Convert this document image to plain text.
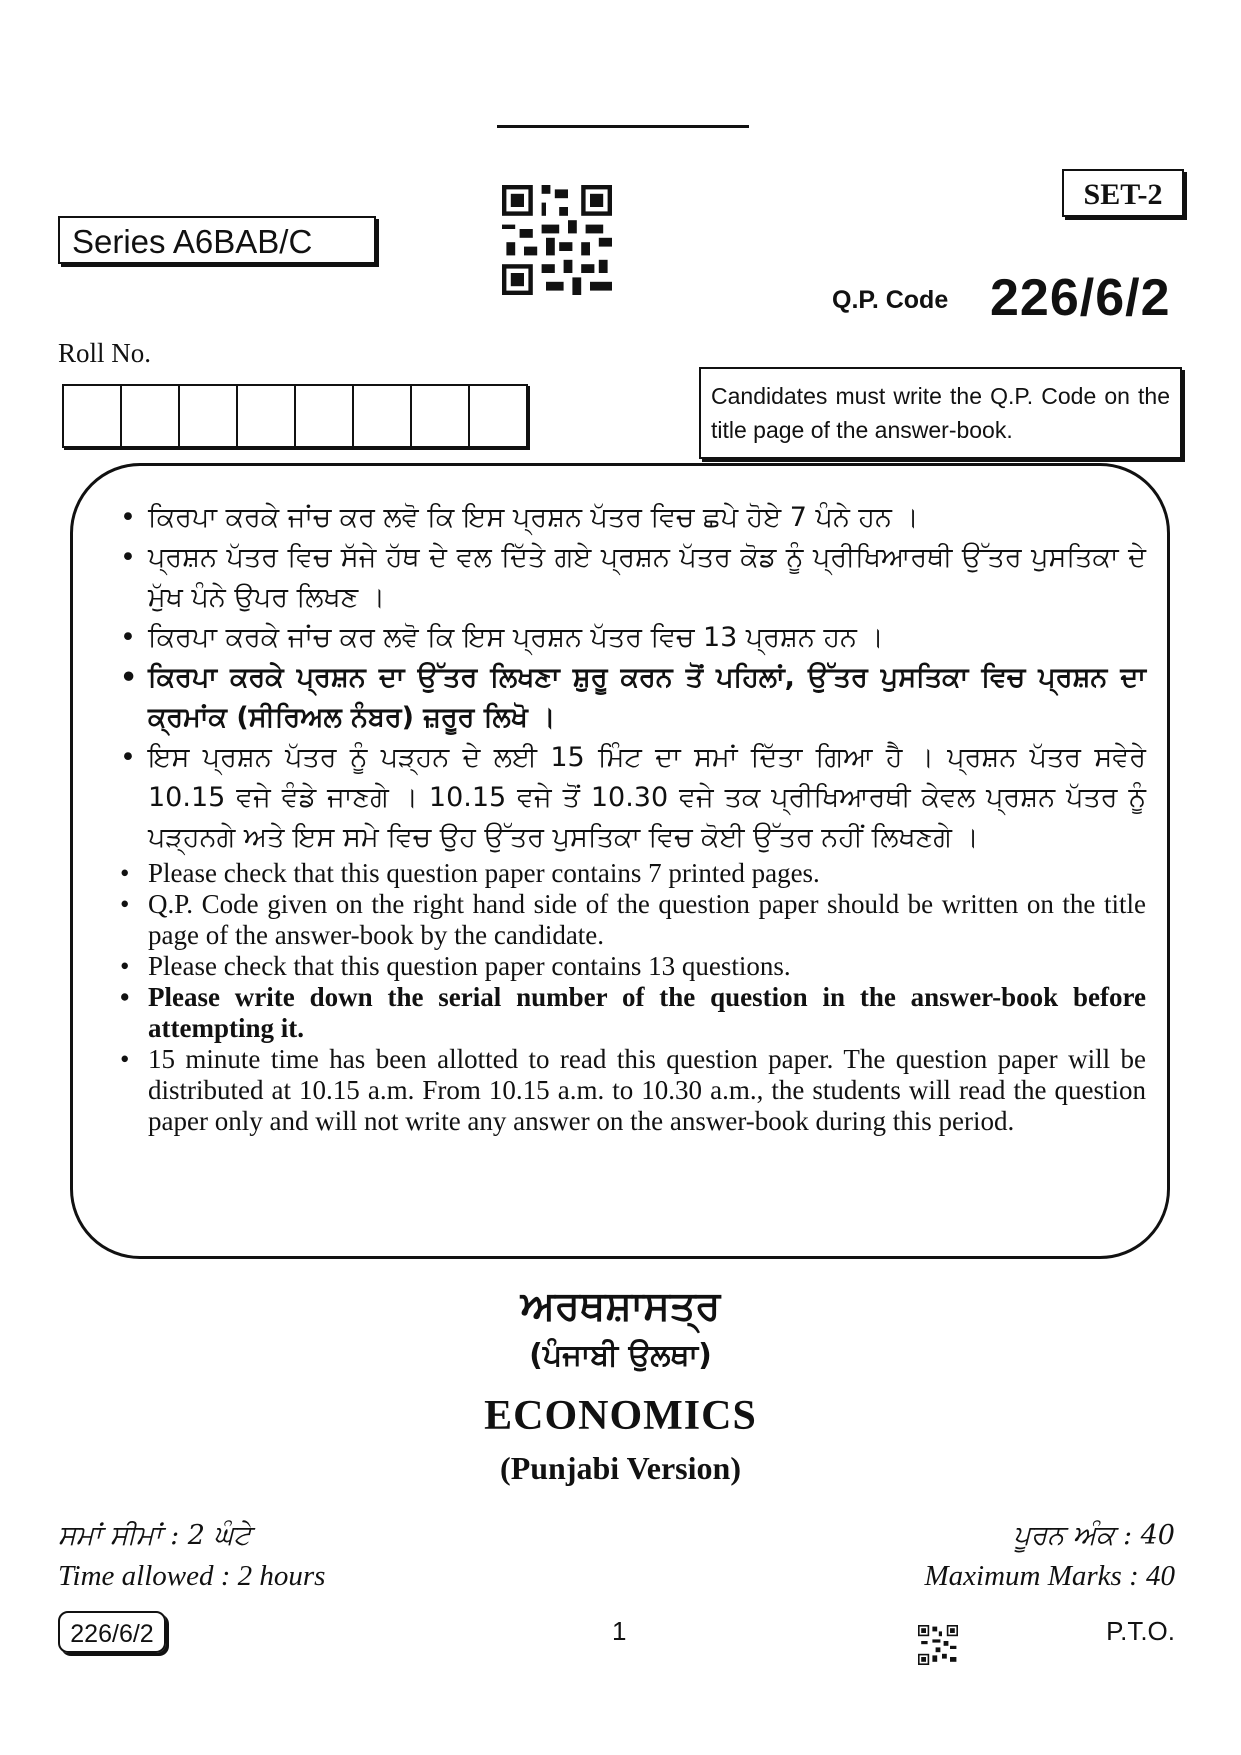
Series A6BAB/C
SET-2
Q.P. Code 226/6/2
Roll No.
Candidates must write the Q.P. Code on the title page of the answer-book.
• ਕਿਰਪਾ ਕਰਕੇ ਜਾਂਚ ਕਰ ਲਵੋ ਕਿ ਇਸ ਪ੍ਰਸ਼ਨ ਪੱਤਰ ਵਿਚ ਛਪੇ ਹੋਏ 7 ਪੰਨੇ ਹਨ ।
• ਪ੍ਰਸ਼ਨ ਪੱਤਰ ਵਿਚ ਸੱਜੇ ਹੱਥ ਦੇ ਵਲ ਦਿੱਤੇ ਗਏ ਪ੍ਰਸ਼ਨ ਪੱਤਰ ਕੋਡ ਨੂੰ ਪ੍ਰੀਖਿਆਰਥੀ ਉੱਤਰ ਪੁਸਤਿਕਾ ਦੇ ਮੁੱਖ ਪੰਨੇ ਉਪਰ ਲਿਖਣ ।
• ਕਿਰਪਾ ਕਰਕੇ ਜਾਂਚ ਕਰ ਲਵੋ ਕਿ ਇਸ ਪ੍ਰਸ਼ਨ ਪੱਤਰ ਵਿਚ 13 ਪ੍ਰਸ਼ਨ ਹਨ ।
• ਕਿਰਪਾ ਕਰਕੇ ਪ੍ਰਸ਼ਨ ਦਾ ਉੱਤਰ ਲਿਖਣਾ ਸ਼ੁਰੂ ਕਰਨ ਤੋਂ ਪਹਿਲਾਂ, ਉੱਤਰ ਪੁਸਤਿਕਾ ਵਿਚ ਪ੍ਰਸ਼ਨ ਦਾ ਕ੍ਰਮਾਂਕ (ਸੀਰਿਅਲ ਨੰਬਰ) ਜ਼ਰੂਰ ਲਿਖੋ ।
• ਇਸ ਪ੍ਰਸ਼ਨ ਪੱਤਰ ਨੂੰ ਪੜ੍ਹਨ ਦੇ ਲਈ 15 ਮਿੰਟ ਦਾ ਸਮਾਂ ਦਿੱਤਾ ਗਿਆ ਹੈ । ਪ੍ਰਸ਼ਨ ਪੱਤਰ ਸਵੇਰੇ 10.15 ਵਜੇ ਵੰਡੇ ਜਾਣਗੇ । 10.15 ਵਜੇ ਤੋਂ 10.30 ਵਜੇ ਤਕ ਪ੍ਰੀਖਿਆਰਥੀ ਕੇਵਲ ਪ੍ਰਸ਼ਨ ਪੱਤਰ ਨੂੰ ਪੜ੍ਹਨਗੇ ਅਤੇ ਇਸ ਸਮੇ ਵਿਚ ਉਹ ਉੱਤਰ ਪੁਸਤਿਕਾ ਵਿਚ ਕੋਈ ਉੱਤਰ ਨਹੀਂ ਲਿਖਣਗੇ ।
• Please check that this question paper contains 7 printed pages.
• Q.P. Code given on the right hand side of the question paper should be written on the title page of the answer-book by the candidate.
• Please check that this question paper contains 13 questions.
• Please write down the serial number of the question in the answer-book before attempting it.
• 15 minute time has been allotted to read this question paper. The question paper will be distributed at 10.15 a.m. From 10.15 a.m. to 10.30 a.m., the students will read the question paper only and will not write any answer on the answer-book during this period.
ਅਰਥਸ਼ਾਸਤ੍ਰ
(ਪੰਜਾਬੀ ਉਲਥਾ)
ECONOMICS
(Punjabi Version)
ਸਮਾਂ ਸੀਮਾਂ : 2 ਘੰਟੇ
Time allowed : 2 hours
ਪੂਰਨ ਅੰਕ : 40
Maximum Marks : 40
226/6/2	1	P.T.O.
